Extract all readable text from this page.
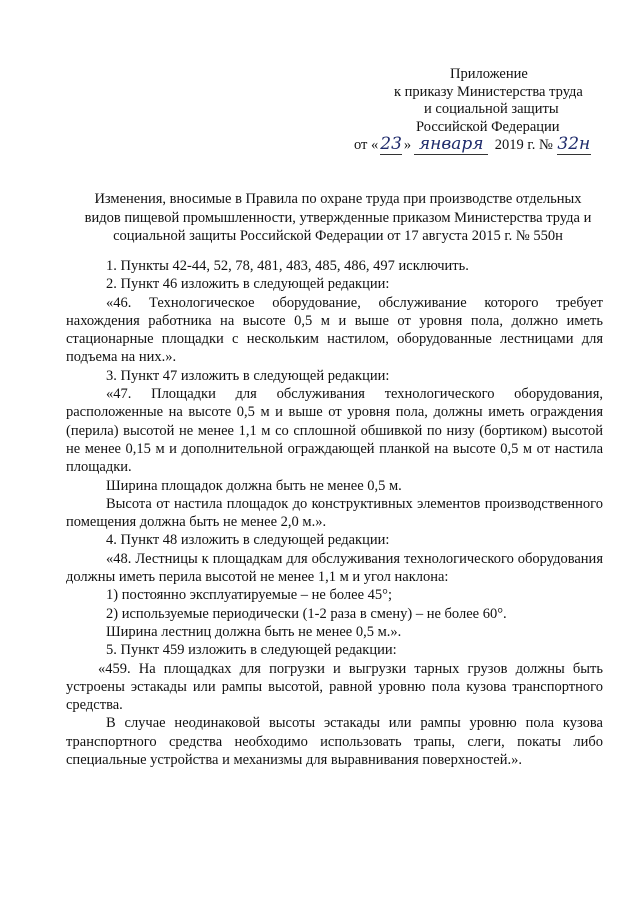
Приложение
к приказу Министерства труда
и социальной защиты
Российской Федерации
от « 23 » января 2019 г. № 32н
Изменения, вносимые в Правила по охране труда при производстве отдельных видов пищевой промышленности, утвержденные приказом Министерства труда и социальной защиты Российской Федерации от 17 августа 2015 г. № 550н

1. Пункты 42-44, 52, 78, 481, 483, 485, 486, 497 исключить.

2. Пункт 46 изложить в следующей редакции:

«46. Технологическое оборудование, обслуживание которого требует нахождения работника на высоте 0,5 м и выше от уровня пола, должно иметь стационарные площадки с нескольким настилом, оборудованные лестницами для подъема на них.».

3. Пункт 47 изложить в следующей редакции:

«47. Площадки для обслуживания технологического оборудования, расположенные на высоте 0,5 м и выше от уровня пола, должны иметь ограждения (перила) высотой не менее 1,1 м со сплошной обшивкой по низу (бортиком) высотой не менее 0,15 м и дополнительной ограждающей планкой на высоте 0,5 м от настила площадки.

Ширина площадок должна быть не менее 0,5 м.

Высота от настила площадок до конструктивных элементов производственного помещения должна быть не менее 2,0 м.».

4. Пункт 48 изложить в следующей редакции:

«48. Лестницы к площадкам для обслуживания технологического оборудования должны иметь перила высотой не менее 1,1 м и угол наклона:

1) постоянно эксплуатируемые – не более 45°;

2) используемые периодически (1-2 раза в смену) – не более 60°.

Ширина лестниц должна быть не менее 0,5 м.».

5. Пункт 459 изложить в следующей редакции:

«459. На площадках для погрузки и выгрузки тарных грузов должны быть устроены эстакады или рампы высотой, равной уровню пола кузова транспортного средства.

В случае неодинаковой высоты эстакады или рампы уровню пола кузова транспортного средства необходимо использовать трапы, слеги, покаты либо специальные устройства и механизмы для выравнивания поверхностей.».
